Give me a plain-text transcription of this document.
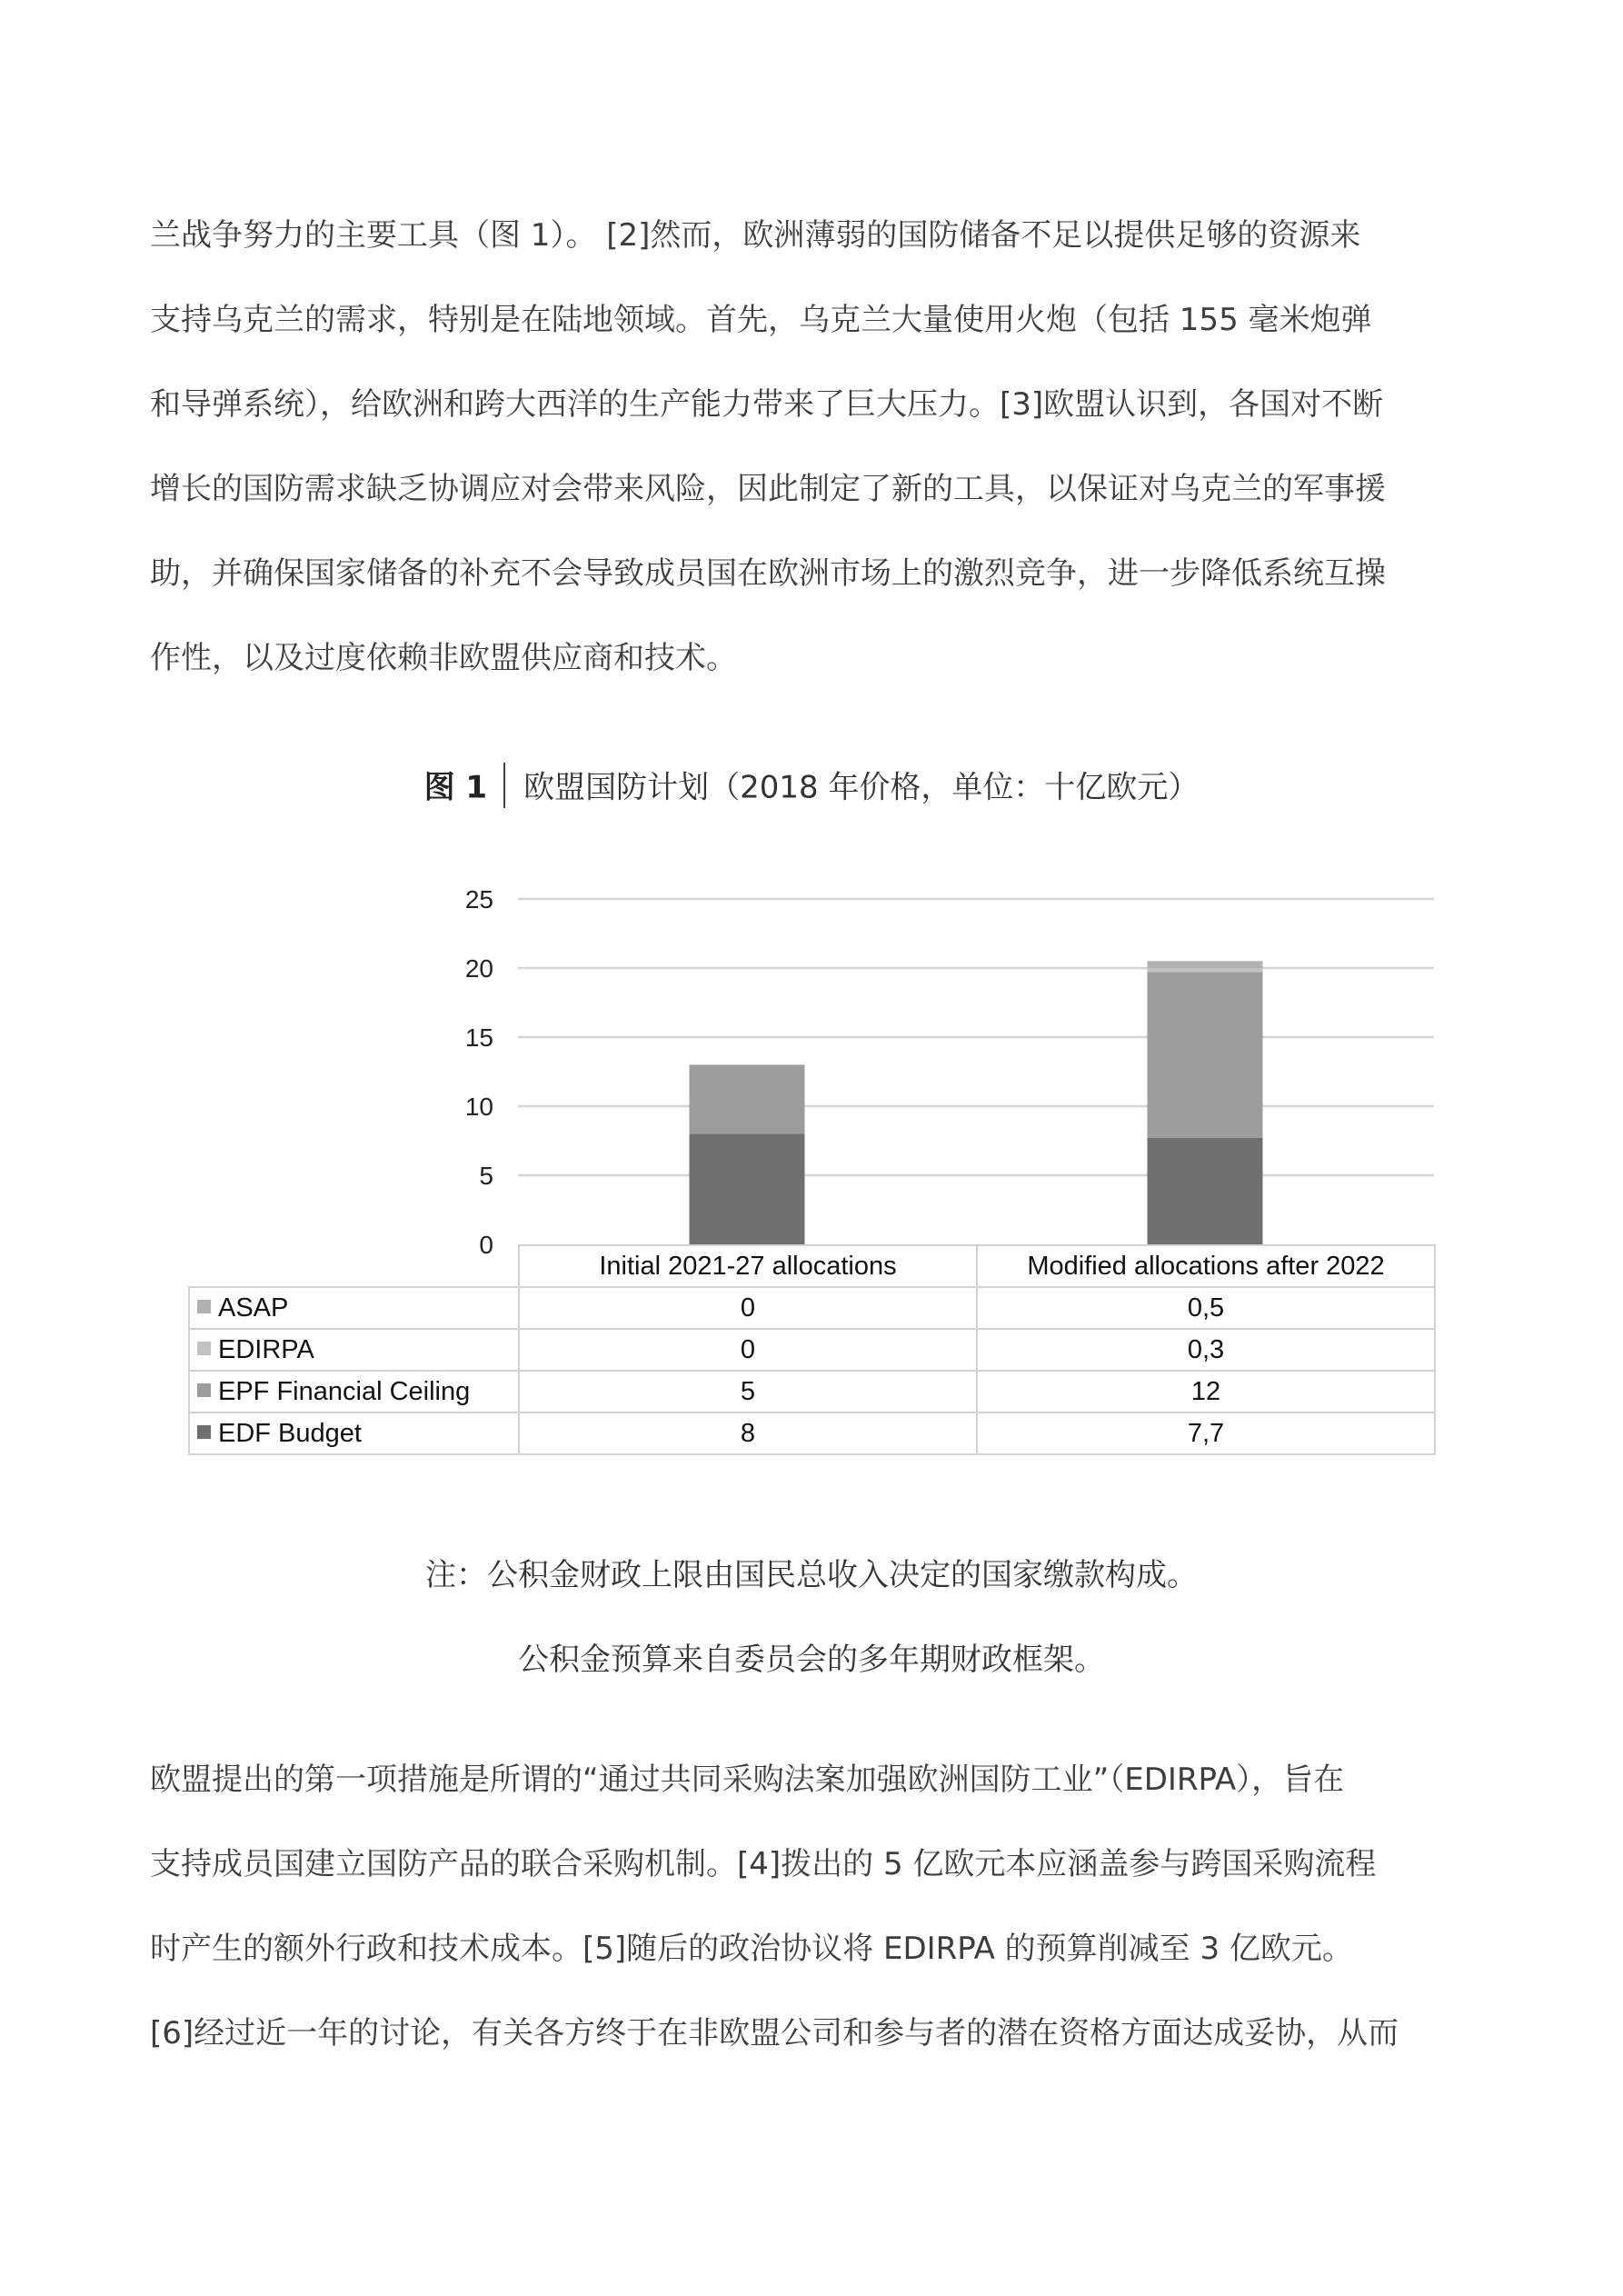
兰战争努力的主要工具（图 1）。 [2]然而，欧洲薄弱的国防储备不足以提供足够的资源来
支持乌克兰的需求，特别是在陆地领域。首先，乌克兰大量使用火炮（包括 155 毫米炮弹
和导弹系统），给欧洲和跨大西洋的生产能力带来了巨大压力。[3]欧盟认识到，各国对不断
增长的国防需求缺乏协调应对会带来风险，因此制定了新的工具，以保证对乌克兰的军事援
助，并确保国家储备的补充不会导致成员国在欧洲市场上的激烈竞争，进一步降低系统互操
作性，以及过度依赖非欧盟供应商和技术。
图 1 欧盟国防计划（2018 年价格，单位：十亿欧元）
0
5
10
15
20
25
	Initial 2021-27 allocations	Modified allocations after 2022
ASAP	0	0,5
EDIRPA	0	0,3
EPF Financial Ceiling	5	12
EDF Budget	8	7,7
注：公积金财政上限由国民总收入决定的国家缴款构成。
公积金预算来自委员会的多年期财政框架。
欧盟提出的第一项措施是所谓的“通过共同采购法案加强欧洲国防工业”（EDIRPA），旨在
支持成员国建立国防产品的联合采购机制。[4]拨出的 5 亿欧元本应涵盖参与跨国采购流程
时产生的额外行政和技术成本。[5]随后的政治协议将 EDIRPA 的预算削减至 3 亿欧元。
[6]经过近一年的讨论，有关各方终于在非欧盟公司和参与者的潜在资格方面达成妥协，从而
